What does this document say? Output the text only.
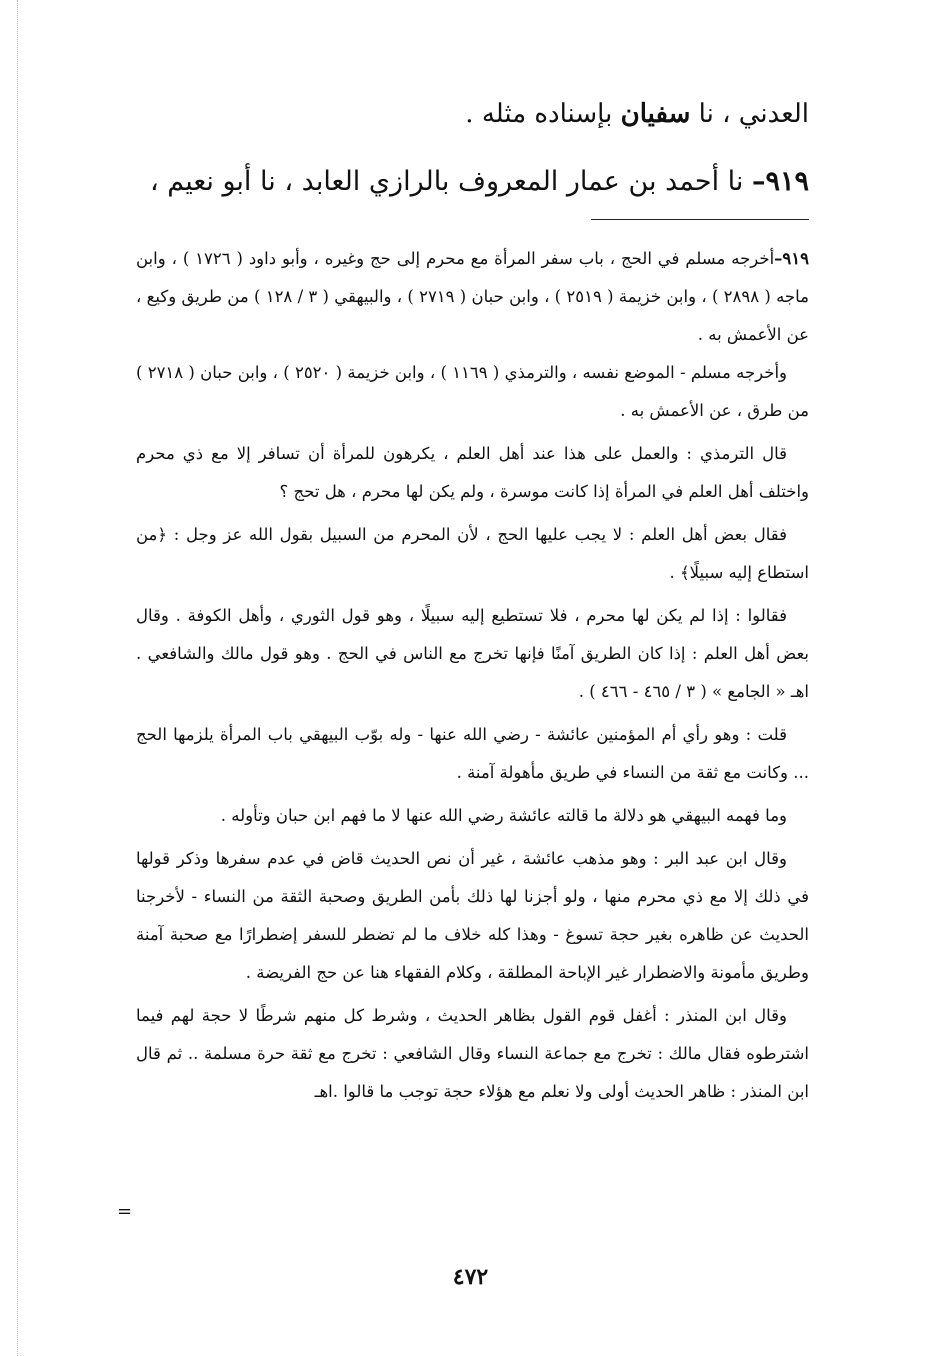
العدني ، نا سفيان بإسناده مثله .
٩١٩– نا أحمد بن عمار المعروف بالرازي العابد ، نا أبو نعيم ،

٩١٩–أخرجه مسلم في الحج ، باب سفر المرأة مع محرم إلى حج وغيره ، وأبو داود ( ١٧٢٦ ) ، وابن ماجه ( ٢٨٩٨ ) ، وابن خزيمة ( ٢٥١٩ ) ، وابن حبان ( ٢٧١٩ ) ، والبيهقي ( ٣ / ١٢٨ ) من طريق وكيع ، عن الأعمش به .

وأخرجه مسلم - الموضع نفسه ، والترمذي ( ١١٦٩ ) ، وابن خزيمة ( ٢٥٢٠ ) ، وابن حبان ( ٢٧١٨ ) من طرق ، عن الأعمش به .

قال الترمذي : والعمل على هذا عند أهل العلم ، يكرهون للمرأة أن تسافر إلا مع ذي محرم واختلف أهل العلم في المرأة إذا كانت موسرة ، ولم يكن لها محرم ، هل تحج ؟

فقال بعض أهل العلم : لا يجب عليها الحج ، لأن المحرم من السبيل بقول الله عز وجل : ﴿من استطاع إليه سبيلًا﴾ .

فقالوا : إذا لم يكن لها محرم ، فلا تستطيع إليه سبيلًا ، وهو قول الثوري ، وأهل الكوفة . وقال بعض أهل العلم : إذا كان الطريق آمنًا فإنها تخرج مع الناس في الحج . وهو قول مالك والشافعي . اهـ « الجامع » ( ٣ / ٤٦٥ - ٤٦٦ ) .

قلت : وهو رأي أم المؤمنين عائشة - رضي الله عنها - وله بوّب البيهقي باب المرأة يلزمها الحج ... وكانت مع ثقة من النساء في طريق مأهولة آمنة .

وما فهمه البيهقي هو دلالة ما قالته عائشة رضي الله عنها لا ما فهم ابن حبان وتأوله .

وقال ابن عبد البر : وهو مذهب عائشة ، غير أن نص الحديث قاض في عدم سفرها وذكر قولها في ذلك إلا مع ذي محرم منها ، ولو أجزنا لها ذلك بأمن الطريق وصحبة الثقة من النساء - لأخرجنا الحديث عن ظاهره بغير حجة تسوغ - وهذا كله خلاف ما لم تضطر للسفر إضطرارًا مع صحبة آمنة وطريق مأمونة والاضطرار غير الإباحة المطلقة ، وكلام الفقهاء هنا عن حج الفريضة .

وقال ابن المنذر : أغفل قوم القول بظاهر الحديث ، وشرط كل منهم شرطًا لا حجة لهم فيما اشترطوه فقال مالك : تخرج مع جماعة النساء وقال الشافعي : تخرج مع ثقة حرة مسلمة .. ثم قال ابن المنذر : ظاهر الحديث أولى ولا نعلم مع هؤلاء حجة توجب ما قالوا .اهـ

=
٤٧٢
